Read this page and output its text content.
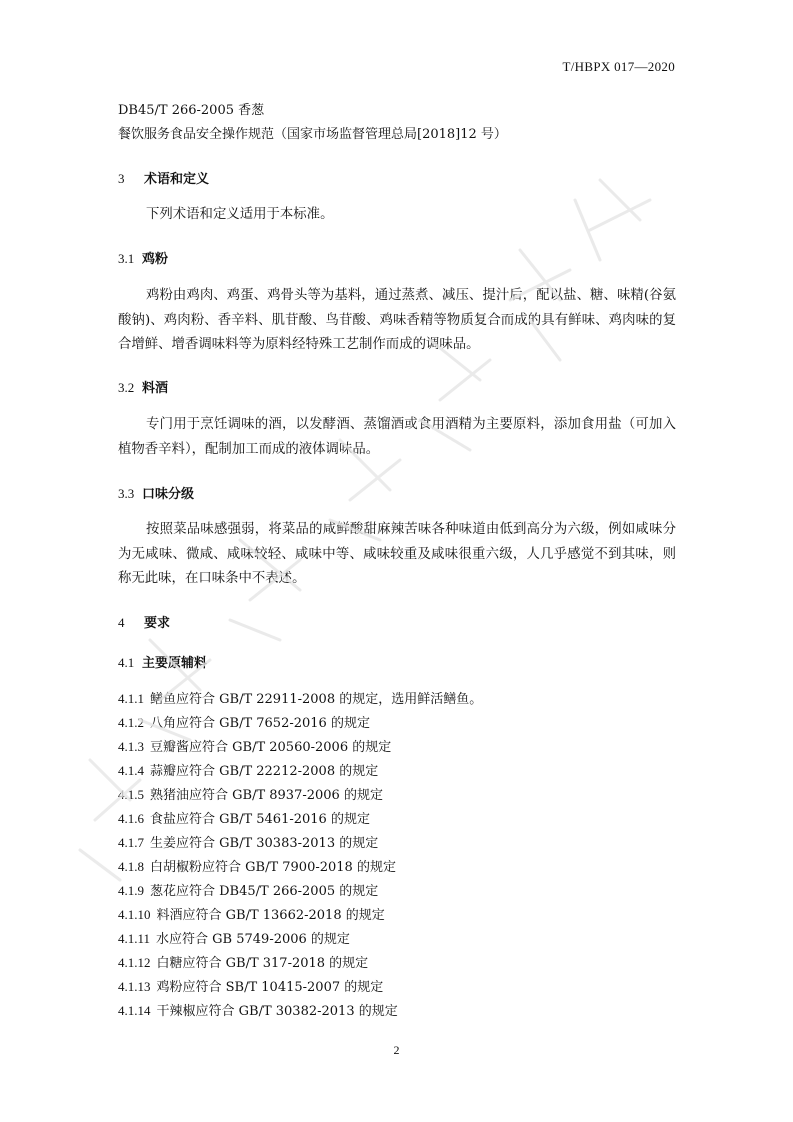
T/HBPX 017—2020
DB45/T 266-2005 香葱
餐饮服务食品安全操作规范（国家市场监督管理总局[2018]12 号）
3 术语和定义
下列术语和定义适用于本标准。
3.1 鸡粉
鸡粉由鸡肉、鸡蛋、鸡骨头等为基料，通过蒸煮、减压、提汁后，配以盐、糖、味精(谷氨酸钠)、鸡肉粉、香辛料、肌苷酸、鸟苷酸、鸡味香精等物质复合而成的具有鲜味、鸡肉味的复合增鲜、增香调味料等为原料经特殊工艺制作而成的调味品。
3.2 料酒
专门用于烹饪调味的酒，以发酵酒、蒸馏酒或食用酒精为主要原料，添加食用盐（可加入植物香辛料），配制加工而成的液体调味品。
3.3 口味分级
按照菜品味感强弱，将菜品的咸鲜酸甜麻辣苦味各种味道由低到高分为六级，例如咸味分为无咸味、微咸、咸味较轻、咸味中等、咸味较重及咸味很重六级，人几乎感觉不到其味，则称无此味，在口味条中不表述。
4 要求
4.1 主要原辅料
4.1.1 鳝鱼应符合 GB/T 22911-2008 的规定，选用鲜活鳝鱼。
4.1.2 八角应符合 GB/T 7652-2016 的规定
4.1.3 豆瓣酱应符合 GB/T 20560-2006 的规定
4.1.4 蒜瓣应符合 GB/T 22212-2008 的规定
4.1.5 熟猪油应符合 GB/T 8937-2006 的规定
4.1.6 食盐应符合 GB/T 5461-2016 的规定
4.1.7 生姜应符合 GB/T 30383-2013 的规定
4.1.8 白胡椒粉应符合 GB/T 7900-2018 的规定
4.1.9 葱花应符合 DB45/T 266-2005 的规定
4.1.10 料酒应符合 GB/T 13662-2018 的规定
4.1.11 水应符合 GB 5749-2006 的规定
4.1.12 白糖应符合 GB/T 317-2018 的规定
4.1.13 鸡粉应符合 SB/T 10415-2007 的规定
4.1.14 干辣椒应符合 GB/T 30382-2013 的规定
2
